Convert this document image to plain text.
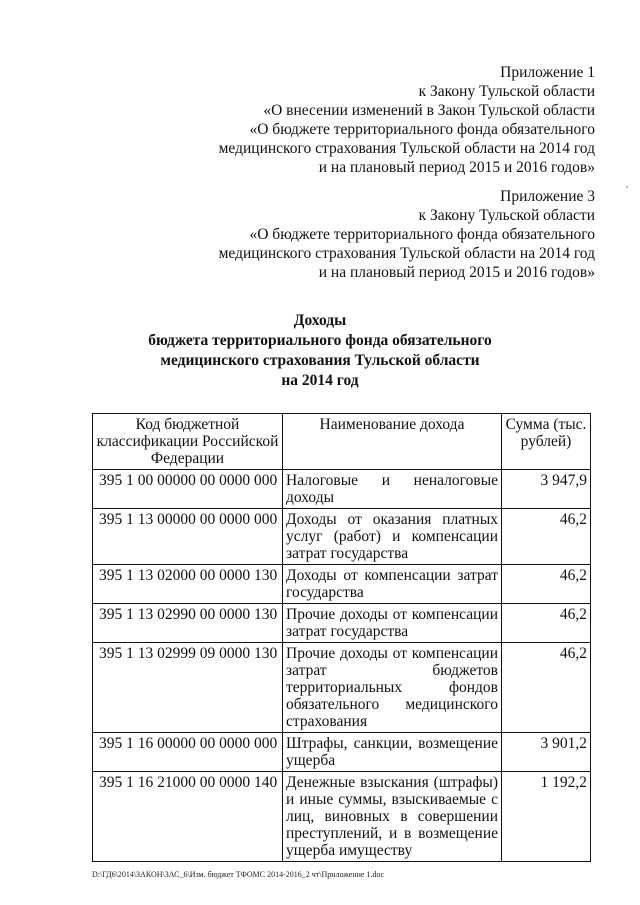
Приложение 1
к Закону Тульской области
«О внесении изменений в Закон Тульской области
«О бюджете территориального фонда обязательного
медицинского страхования Тульской области на 2014 год
и на плановый период 2015 и 2016 годов»
Приложение 3
к Закону Тульской области
«О бюджете территориального фонда обязательного
медицинского страхования Тульской области на 2014 год
и на плановый период 2015 и 2016 годов»
Доходы
бюджета территориального фонда обязательного
медицинского страхования Тульской области
на 2014 год
Код бюджетной классификации Российской Федерации	Наименование дохода	Сумма (тыс. рублей)
395 1 00 00000 00 0000 000	Налоговые и неналоговые доходы	3 947,9
395 1 13 00000 00 0000 000	Доходы от оказания платных услуг (работ) и компенсации затрат государства	46,2
395 1 13 02000 00 0000 130	Доходы от компенсации затрат государства	46,2
395 1 13 02990 00 0000 130	Прочие доходы от компенсации затрат государства	46,2
395 1 13 02999 09 0000 130	Прочие доходы от компенсации затрат бюджетов территориальных фондов обязательного медицинского страхования	46,2
395 1 16 00000 00 0000 000	Штрафы, санкции, возмещение ущерба	3 901,2
395 1 16 21000 00 0000 140	Денежные взыскания (штрафы) и иные суммы, взыскиваемые с лиц, виновных в совершении преступлений, и в возмещение ущерба имуществу	1 192,2
D:\ГД6\2014\ЗАКОН\ЗАС_6\Изм. бюджет ТФОМС 2014-2016_2 чт\Приложение 1.doc
